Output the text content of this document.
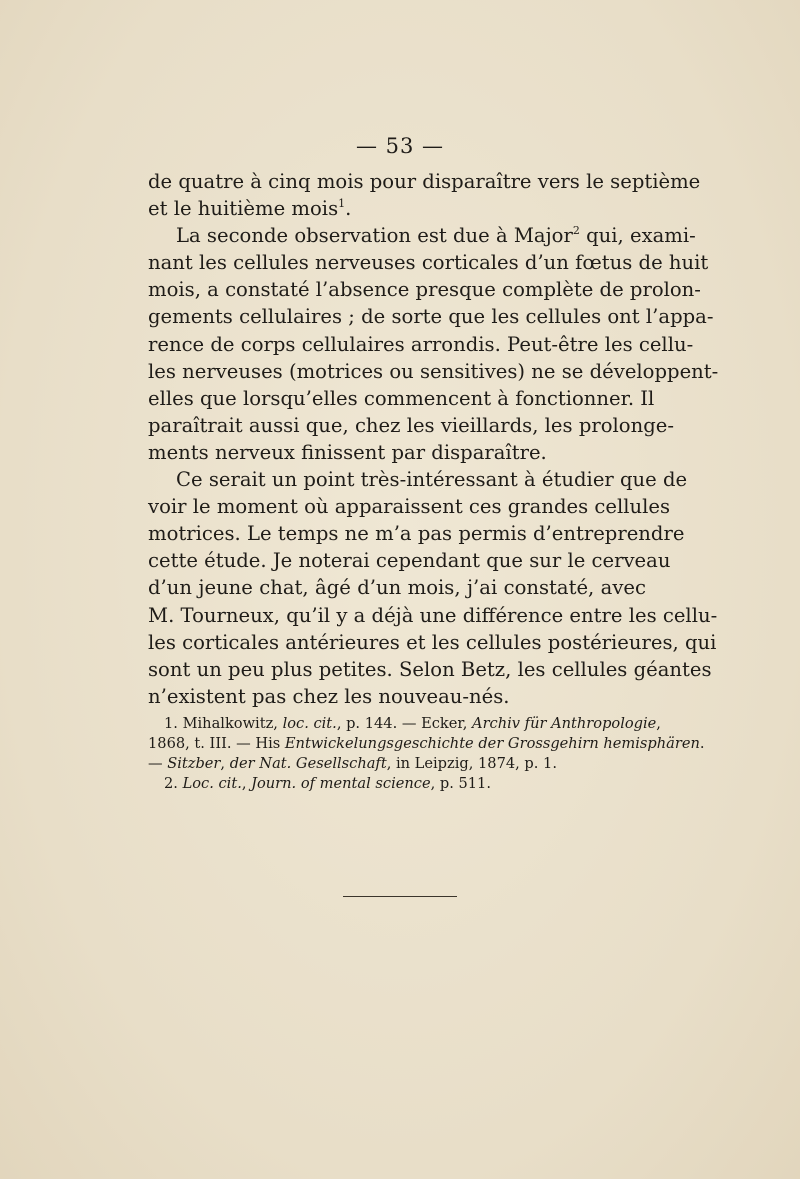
— 53 —

de quatre à cinq mois pour disparaître vers le septième
et le huitième mois$^1$.

La seconde observation est due à Major$^2$ qui, exami-
nant les cellules nerveuses corticales d’un fœtus de huit
mois, a constaté l’absence presque complète de prolon-
gements cellulaires ; de sorte que les cellules ont l’appa-
rence de corps cellulaires arrondis. Peut-être les cellu-
les nerveuses (motrices ou sensitives) ne se développent-
elles que lorsqu’elles commencent à fonctionner. Il
paraîtrait aussi que, chez les vieillards, les prolonge-
ments nerveux finissent par disparaître.

Ce serait un point très-intéressant à étudier que de
voir le moment où apparaissent ces grandes cellules
motrices. Le temps ne m’a pas permis d’entreprendre
cette étude. Je noterai cependant que sur le cerveau
d’un jeune chat, âgé d’un mois, j’ai constaté, avec
M. Tourneux, qu’il y a déjà une différence entre les cellu-
les corticales antérieures et les cellules postérieures, qui
sont un peu plus petites. Selon Betz, les cellules géantes
n’existent pas chez les nouveau-nés.

1. Mihalkowitz, loc. cit., p. 144. — Ecker, Archiv für Anthropologie,
1868, t. III. — His Entwickelungsgeschichte der Grossgehirn hemisphären.
— Sitzber, der Nat. Gesellschaft, in Leipzig, 1874, p. 1.
2. Loc. cit., Journ. of mental science, p. 511.
